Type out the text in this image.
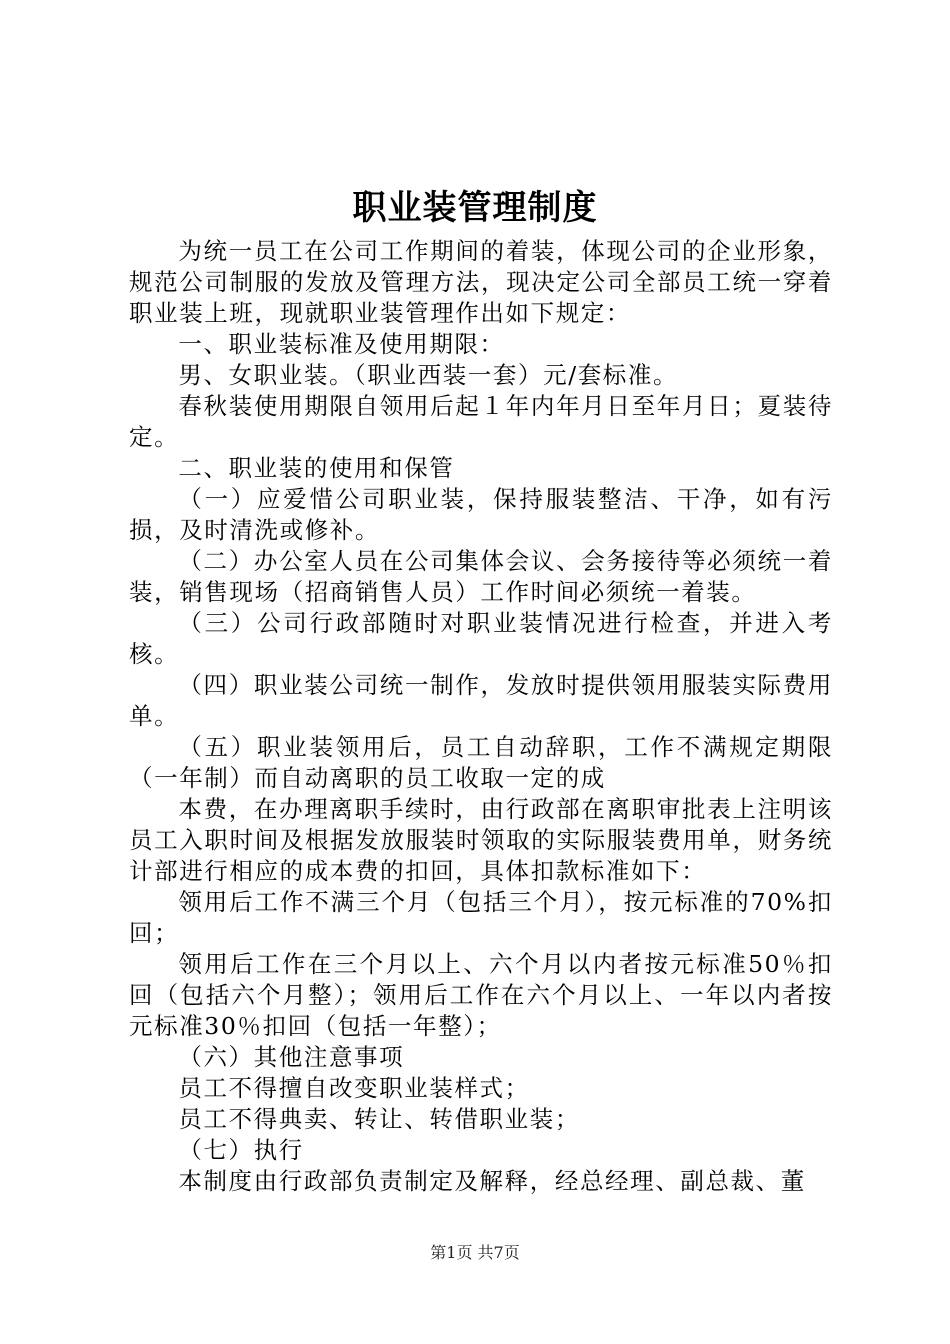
职业装管理制度

为统一员工在公司工作期间的着装，体现公司的企业形象，规范公司制服的发放及管理方法，现决定公司全部员工统一穿着职业装上班，现就职业装管理作出如下规定：

一、职业装标准及使用期限：

男、女职业装。（职业西装一套）元/套标准。

春秋装使用期限自领用后起１年内年月日至年月日；夏装待定。

二、职业装的使用和保管

（一）应爱惜公司职业装，保持服装整洁、干净，如有污损，及时清洗或修补。

（二）办公室人员在公司集体会议、会务接待等必须统一着装，销售现场（招商销售人员）工作时间必须统一着装。

（三）公司行政部随时对职业装情况进行检查，并进入考核。

（四）职业装公司统一制作，发放时提供领用服装实际费用单。

（五）职业装领用后，员工自动辞职，工作不满规定期限（一年制）而自动离职的员工收取一定的成

本费，在办理离职手续时，由行政部在离职审批表上注明该员工入职时间及根据发放服装时领取的实际服装费用单，财务统计部进行相应的成本费的扣回，具体扣款标准如下：

领用后工作不满三个月（包括三个月），按元标准的70%扣回；

领用后工作在三个月以上、六个月以内者按元标准50％扣回（包括六个月整）；领用后工作在六个月以上、一年以内者按元标准30％扣回（包括一年整）；

（六）其他注意事项

员工不得擅自改变职业装样式；

员工不得典卖、转让、转借职业装；

（七）执行

本制度由行政部负责制定及解释，经总经理、副总裁、董

第1页 共7页
